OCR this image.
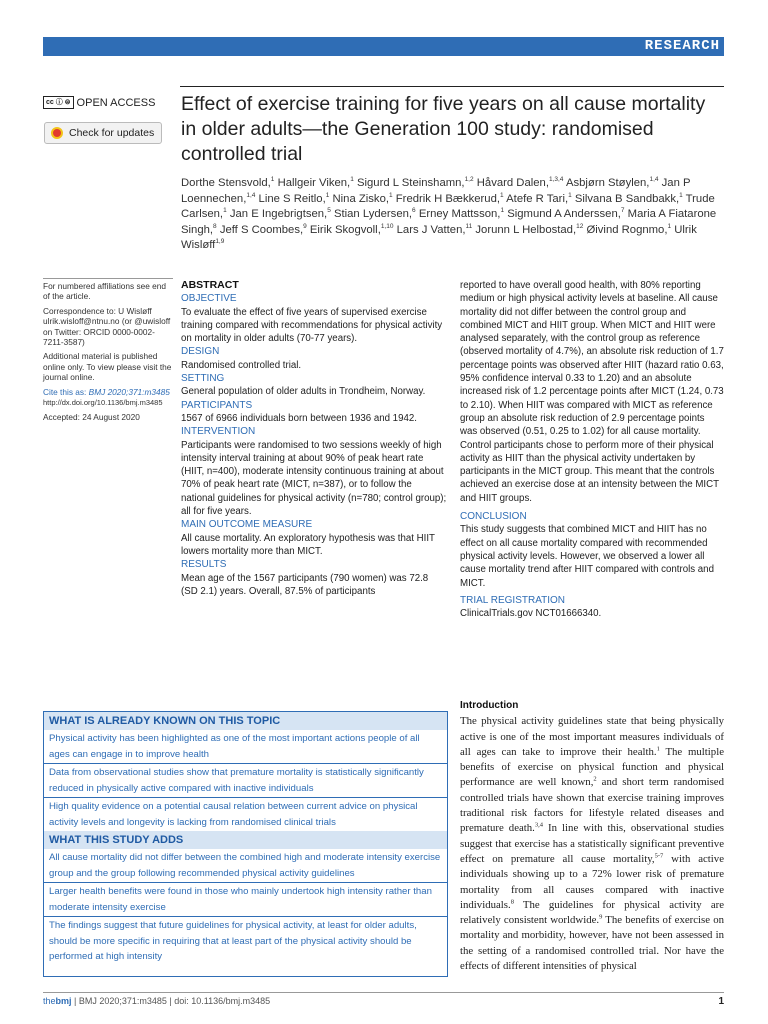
RESEARCH
cc ⓘ ⊜ OPEN ACCESS
Check for updates
Effect of exercise training for five years on all cause mortality in older adults—the Generation 100 study: randomised controlled trial
Dorthe Stensvold,$^1$ Hallgeir Viken,$^1$ Sigurd L Steinshamn,$^{1,2}$ Håvard Dalen,$^{1,3,4}$ Asbjørn Støylen,$^{1,4}$ Jan P Loennechen,$^{1,4}$ Line S Reitlo,$^1$ Nina Zisko,$^1$ Fredrik H Bækkerud,$^1$ Atefe R Tari,$^1$ Silvana B Sandbakk,$^1$ Trude Carlsen,$^1$ Jan E Ingebrigtsen,$^5$ Stian Lydersen,$^6$ Erney Mattsson,$^1$ Sigmund A Anderssen,$^7$ Maria A Fiatarone Singh,$^8$ Jeff S Coombes,$^9$ Eirik Skogvoll,$^{1,10}$ Lars J Vatten,$^{11}$ Jorunn L Helbostad,$^{12}$ Øivind Rognmo,$^1$ Ulrik Wisløff$^{1,9}$

For numbered affiliations see end of the article.

Correspondence to: U Wisløff ulrik.wisloff@ntnu.no (or @uwisloff on Twitter: ORCID 0000-0002-7211-3587)

Additional material is published online only. To view please visit the journal online.

Cite this as: BMJ 2020;371:m3485

http://dx.doi.org/10.1136/bmj.m3485

Accepted: 24 August 2020

ABSTRACT
OBJECTIVE

To evaluate the effect of five years of supervised exercise training compared with recommendations for physical activity on mortality in older adults (70-77 years).

DESIGN

Randomised controlled trial.

SETTING

General population of older adults in Trondheim, Norway.

PARTICIPANTS

1567 of 6966 individuals born between 1936 and 1942.

INTERVENTION

Participants were randomised to two sessions weekly of high intensity interval training at about 90% of peak heart rate (HIIT, n=400), moderate intensity continuous training at about 70% of peak heart rate (MICT, n=387), or to follow the national guidelines for physical activity (n=780; control group); all for five years.

MAIN OUTCOME MEASURE

All cause mortality. An exploratory hypothesis was that HIIT lowers mortality more than MICT.

RESULTS

Mean age of the 1567 participants (790 women) was 72.8 (SD 2.1) years. Overall, 87.5% of participants

reported to have overall good health, with 80% reporting medium or high physical activity levels at baseline. All cause mortality did not differ between the control group and combined MICT and HIIT group. When MICT and HIIT were analysed separately, with the control group as reference (observed mortality of 4.7%), an absolute risk reduction of 1.7 percentage points was observed after HIIT (hazard ratio 0.63, 95% confidence interval 0.33 to 1.20) and an absolute increased risk of 1.2 percentage points after MICT (1.24, 0.73 to 2.10). When HIIT was compared with MICT as reference group an absolute risk reduction of 2.9 percentage points was observed (0.51, 0.25 to 1.02) for all cause mortality. Control participants chose to perform more of their physical activity as HIIT than the physical activity undertaken by participants in the MICT group. This meant that the controls achieved an exercise dose at an intensity between the MICT and HIIT groups.

CONCLUSION

This study suggests that combined MICT and HIIT has no effect on all cause mortality compared with recommended physical activity levels. However, we observed a lower all cause mortality trend after HIIT compared with controls and MICT.

TRIAL REGISTRATION

ClinicalTrials.gov NCT01666340.

WHAT IS ALREADY KNOWN ON THIS TOPIC
Physical activity has been highlighted as one of the most important actions people of all ages can engage in to improve health
Data from observational studies show that premature mortality is statistically significantly reduced in physically active compared with inactive individuals
High quality evidence on a potential causal relation between current advice on physical activity levels and longevity is lacking from randomised clinical trials
WHAT THIS STUDY ADDS
All cause mortality did not differ between the combined high and moderate intensity exercise group and the group following recommended physical activity guidelines
Larger health benefits were found in those who mainly undertook high intensity rather than moderate intensity exercise
The findings suggest that future guidelines for physical activity, at least for older adults, should be more specific in requiring that at least part of the physical activity should be performed at high intensity
Introduction
The physical activity guidelines state that being physically active is one of the most important measures individuals of all ages can take to improve their health.$^1$ The multiple benefits of exercise on physical function and physical performance are well known,$^2$ and short term randomised controlled trials have shown that exercise training improves traditional risk factors for lifestyle related diseases and premature death.$^{3,4}$ In line with this, observational studies suggest that exercise has a statistically significant preventive effect on premature all cause mortality,$^{5-7}$ with active individuals showing up to a 72% lower risk of premature mortality from all causes compared with inactive individuals.$^8$ The guidelines for physical activity are relatively consistent worldwide.$^9$ The benefits of exercise on mortality and morbidity, however, have not been assessed in the setting of a randomised controlled trial. Nor have the effects of different intensities of physical
thebmj | BMJ 2020;371:m3485 | doi: 10.1136/bmj.m3485	1
